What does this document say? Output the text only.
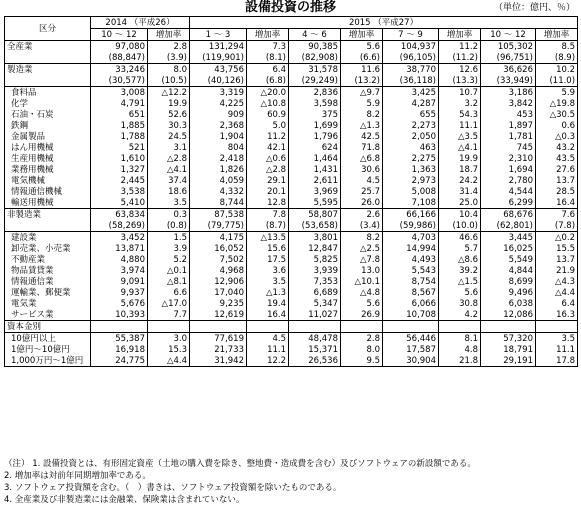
設備投資の推移	（単位：億円、％）
区分	2014 （平成26）		2015 （平成27）							
	10 ～ 12	増加率	1 ～ 3	増加率	4 ～ 6	増加率	7 ～ 9	増加率	10 ～ 12	増加率
全産業	97,080	2.8	131,294	7.3	90,385	5.6	104,937	11.2	105,302	8.5
	(88,847)	(3.9)	(119,901)	(8.1)	(82,908)	(6.6)	(96,105)	(11.2)	(96,751)	(8.9)
製造業	33,246	8.0	43,756	6.4	31,578	11.6	38,770	12.6	36,626	10.2
	(30,577)	(10.5)	(40,126)	(6.8)	(29,249)	(13.2)	(36,118)	(13.3)	(33,949)	(11.0)
食料品	3,008	△12.2	3,319	△20.0	2,836	△9.7	3,425	10.7	3,186	5.9
化学	4,791	19.9	4,225	△10.8	3,598	5.9	4,287	3.2	3,842	△19.8
石油・石炭	651	52.6	909	60.9	375	8.2	655	54.3	453	△30.5
鉄鋼	1,885	30.3	2,368	5.0	1,699	△1.3	2,273	11.1	1,897	0.6
金属製品	1,788	24.5	1,904	11.2	1,796	42.5	2,050	△3.5	1,781	△0.3
はん用機械	521	3.1	804	42.1	624	71.8	463	△4.1	745	43.2
生産用機械	1,610	△2.8	2,418	△0.6	1,464	△6.8	2,275	19.9	2,310	43.5
業務用機械	1,327	△4.1	1,826	△2.8	1,431	30.6	1,363	18.7	1,694	27.6
電気機械	2,445	37.4	4,059	29.1	2,611	4.5	2,973	24.2	2,780	13.7
情報通信機械	3,538	18.6	4,332	20.1	3,969	25.7	5,008	31.4	4,544	28.5
輸送用機械	5,410	3.5	8,744	12.8	5,595	26.0	7,108	25.0	6,299	16.4
非製造業	63,834	0.3	87,538	7.8	58,807	2.6	66,166	10.4	68,676	7.6
	(58,269)	(0.8)	(79,775)	(8.7)	(53,658)	(3.4)	(59,986)	(10.0)	(62,801)	(7.8)
建設業	3,452	1.5	4,175	△13.5	3,801	8.2	4,703	46.6	3,445	△0.2
卸売業、小売業	13,871	3.9	16,052	15.6	12,847	△2.5	14,994	5.7	16,025	15.5
不動産業	4,880	5.2	7,502	17.5	5,825	△7.8	4,493	△8.6	5,549	13.7
物品賃貸業	3,974	△0.1	4,968	3.6	3,939	13.0	5,543	39.2	4,844	21.9
情報通信業	9,091	△8.1	12,906	3.5	7,353	△10.1	8,754	△1.5	8,699	△4.3
運輸業、郵便業	9,937	6.6	17,040	△1.3	6,689	△4.8	8,567	5.6	9,496	△4.4
電気業	5,676	△17.0	9,235	19.4	5,347	5.6	6,066	30.8	6,038	6.4
サービス業	10,393	7.7	12,619	16.4	11,027	26.9	10,708	4.2	12,086	16.3
資本金別										
10億円以上	55,387	3.0	77,619	4.5	48,478	2.8	56,446	8.1	57,320	3.5
1億円～10億円	16,918	15.3	21,733	11.1	15,371	8.0	17,587	4.8	18,791	11.1
1,000万円～1億円	24,775	△4.4	31,942	12.2	26,536	9.5	30,904	21.8	29,191	17.8
（注） 1. 設備投資とは、有形固定資産（土地の購入費を除き、整地費・造成費を含む）及びソフトウェアの新設額である。
2. 増加率は対前年同期増加率である。
3. ソフトウェア投資額を含む。（　）書きは、ソフトウェア投資額を除いたものである。
4. 全産業及び非製造業には金融業、保険業は含まれていない。
